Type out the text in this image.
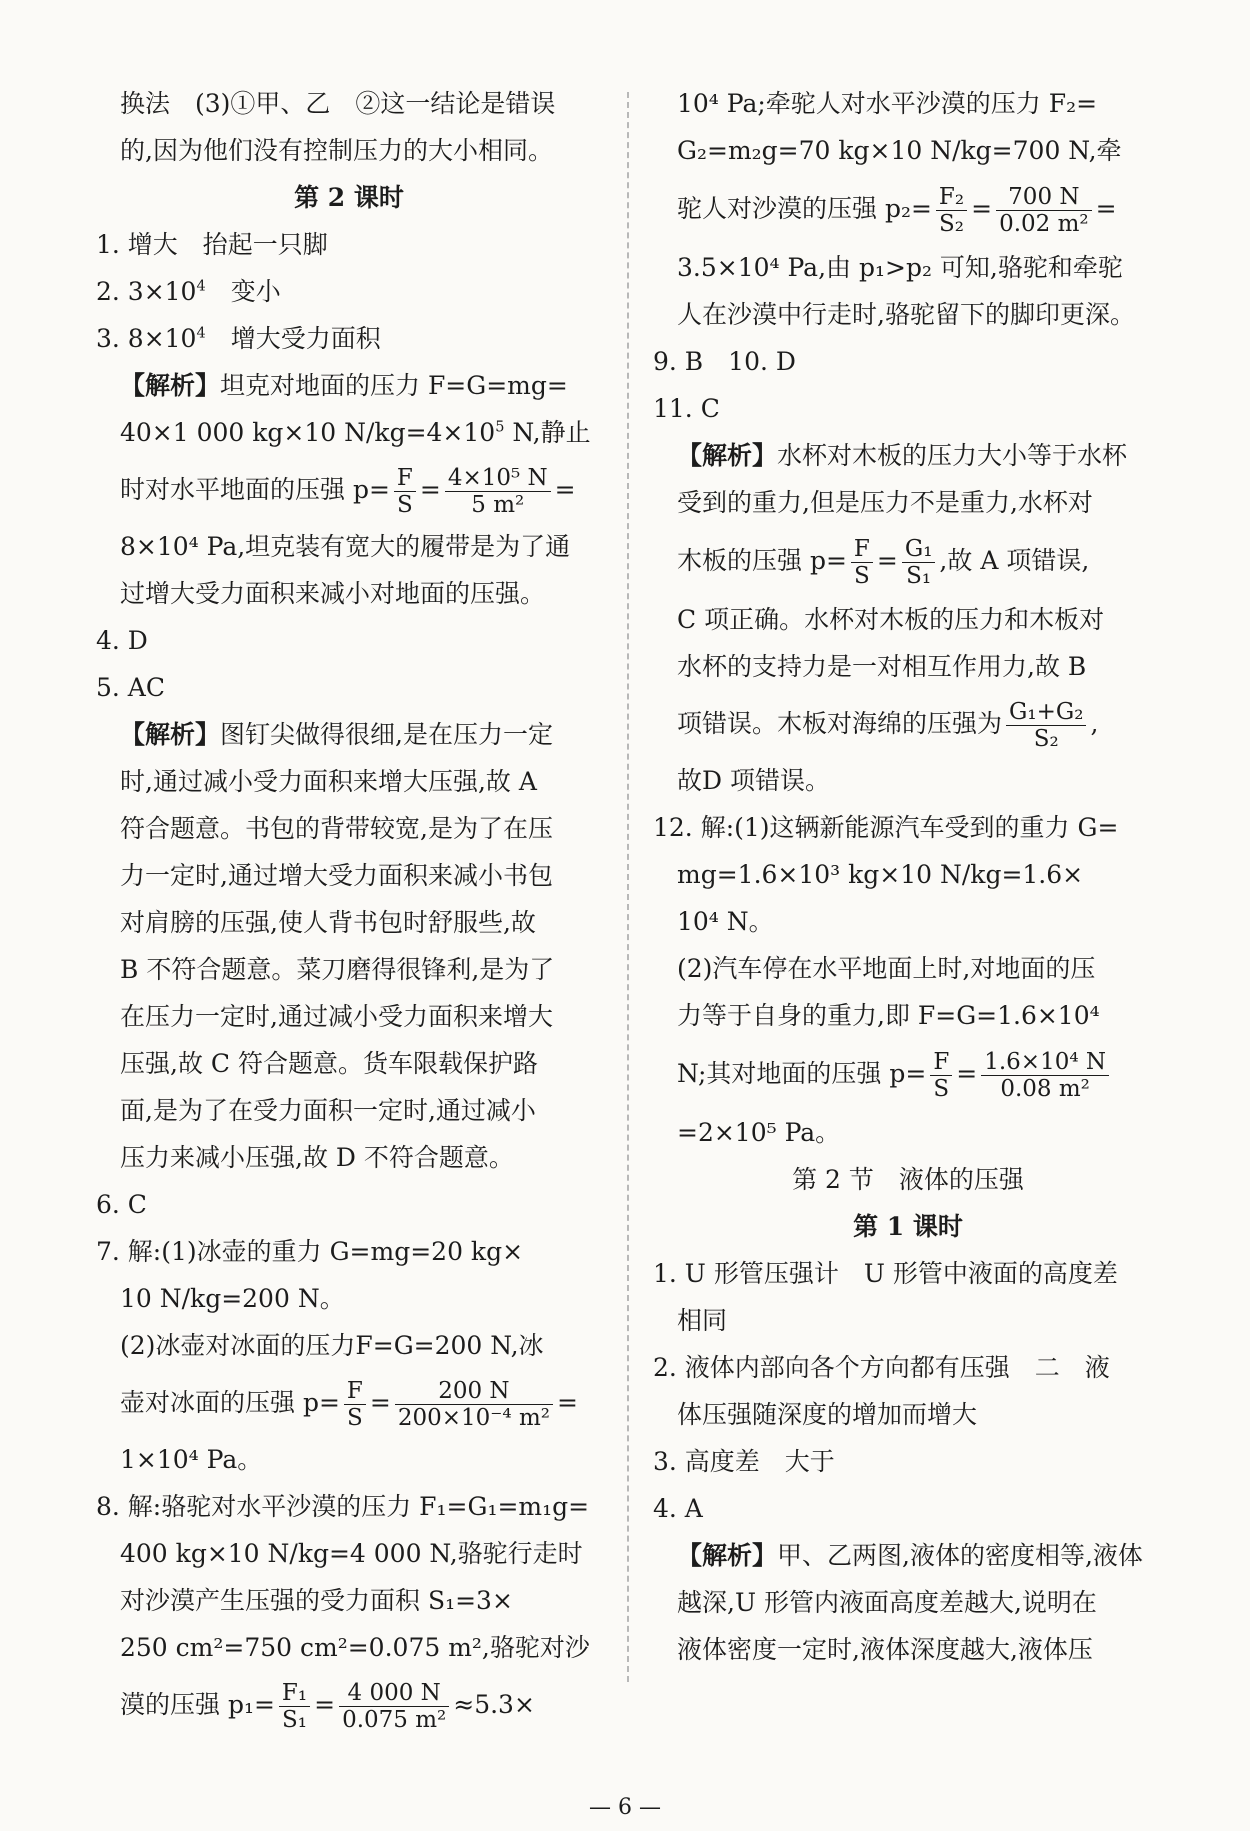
换法　(3)①甲、乙　②这一结论是错误
的,因为他们没有控制压力的大小相同。
第 2 课时
1. 增大　抬起一只脚
2. $3\times 10^4$　变小
3. $8\times 10^4$　增大受力面积
【解析】坦克对地面的压力 F=G=mg=
40×1 000 kg×10 $N/kg=4\times 10^5$ N,静止
时对水平地面的压强 $p= \frac{F}{S} = \frac{\text{4×10⁵ N}}{\text{5 m²}}$ =
8×10⁴ Pa,坦克装有宽大的履带是为了通
过增大受力面积来减小对地面的压强。
4. D
5. AC
【解析】图钉尖做得很细,是在压力一定
时,通过减小受力面积来增大压强,故 A
符合题意。书包的背带较宽,是为了在压
力一定时,通过增大受力面积来减小书包
对肩膀的压强,使人背书包时舒服些,故
B 不符合题意。菜刀磨得很锋利,是为了
在压力一定时,通过减小受力面积来增大
压强,故 C 符合题意。货车限载保护路
面,是为了在受力面积一定时,通过减小
压力来减小压强,故 D 不符合题意。
6. C
7. 解:(1)冰壶的重力 G=mg=20 kg×
10 N/kg=200 N。
(2)冰壶对冰面的压力F=G=200 N,冰
壶对冰面的压强 $p= \frac{F}{S} = \frac{200 N}{\text{200×10⁻⁴ m²}}$ =
1×10⁴ Pa。
8. 解:骆驼对水平沙漠的压力 F₁=G₁=m₁g=
400 kg×10 N/kg=4 000 N,骆驼行走时
对沙漠产生压强的受力面积 S₁=3×
250 cm²=750 cm²=0.075 m²,骆驼对沙
漠的压强 $p_1= \frac{\text{F₁}}{\text{S₁}} = \frac{4 000 N}{\text{0.075 m²}} \approx 5.3\times$
10⁴ Pa;牵驼人对水平沙漠的压力 F₂=
G₂=m₂g=70 kg×10 N/kg=700 N,牵
驼人对沙漠的压强 $p_2= \frac{\text{F₂}}{\text{S₂}} = \frac{700 N}{\text{0.02 m²}}$ =
3.5×10⁴ Pa,由 p₁>p₂ 可知,骆驼和牵驼
人在沙漠中行走时,骆驼留下的脚印更深。
9. B　10. D
11. C
【解析】水杯对木板的压力大小等于水杯
受到的重力,但是压力不是重力,水杯对
木板的压强 $p= \frac{F}{S} = \frac{\text{G₁}}{\text{S₁}}$ ,故 A 项错误,
C 项正确。水杯对木板的压力和木板对
水杯的支持力是一对相互作用力,故 B
项错误。木板对海绵的压强为 $\frac{\text{G₁+G₂}}{\text{S₂}}$ ,
故D 项错误。
12. 解:(1)这辆新能源汽车受到的重力 G=
mg=1.6×10³ kg×10 N/kg=1.6×
10⁴ N。
(2)汽车停在水平地面上时,对地面的压
力等于自身的重力,即 F=G=1.6×10⁴
N;其对地面的压强 $p= \frac{F}{S} = \frac{\text{1.6×10⁴ N}}{\text{0.08 m²}}$
=2×10⁵ Pa。
第 2 节　液体的压强
第 1 课时
1. U 形管压强计　U 形管中液面的高度差
相同
2. 液体内部向各个方向都有压强　二　液
体压强随深度的增加而增大
3. 高度差　大于
4. A
【解析】甲、乙两图,液体的密度相等,液体
越深,U 形管内液面高度差越大,说明在
液体密度一定时,液体深度越大,液体压
— 6 —
